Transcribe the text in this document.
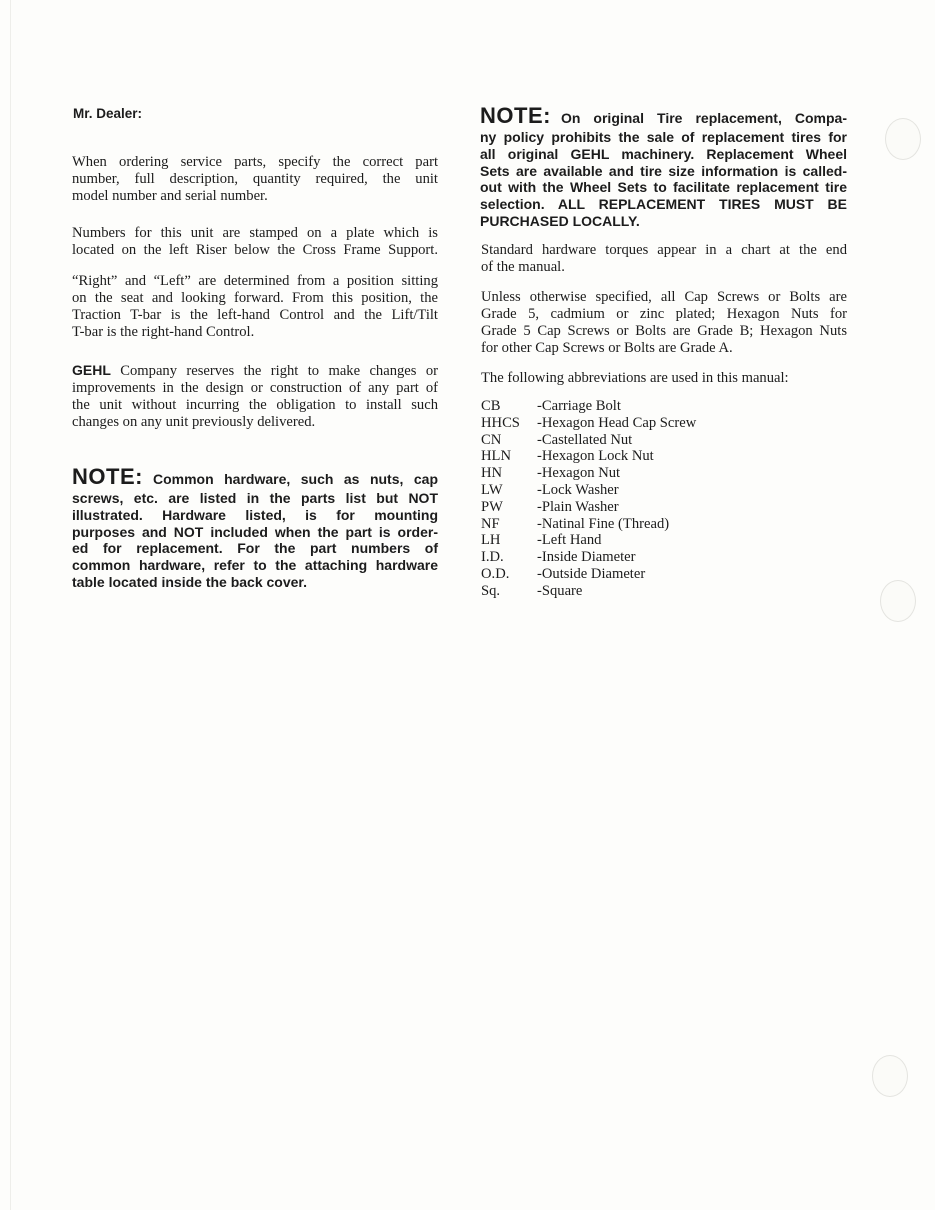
Mr. Dealer:
When ordering service parts, specify the correct part
number, full description, quantity required, the unit
model number and serial number.
Numbers for this unit are stamped on a plate which is
located on the left Riser below the Cross Frame Support.
“Right” and “Left” are determined from a position sitting
on the seat and looking forward. From this position, the
Traction T-bar is the left-hand Control and the Lift/Tilt
T-bar is the right-hand Control.
GEHL Company reserves the right to make changes or
improvements in the design or construction of any part of
the unit without incurring the obligation to install such
changes on any unit previously delivered.
NOTE: Common hardware, such as nuts, cap
screws, etc. are listed in the parts list but NOT
illustrated. Hardware listed, is for mounting
purposes and NOT included when the part is order-
ed for replacement. For the part numbers of
common hardware, refer to the attaching hardware
table located inside the back cover.
NOTE: On original Tire replacement, Compa-
ny policy prohibits the sale of replacement tires for
all original GEHL machinery. Replacement Wheel
Sets are available and tire size information is called-
out with the Wheel Sets to facilitate replacement tire
selection. ALL REPLACEMENT TIRES MUST BE
PURCHASED LOCALLY.
Standard hardware torques appear in a chart at the end
of the manual.
Unless otherwise specified, all Cap Screws or Bolts are
Grade 5, cadmium or zinc plated; Hexagon Nuts for
Grade 5 Cap Screws or Bolts are Grade B; Hexagon Nuts
for other Cap Screws or Bolts are Grade A.
The following abbreviations are used in this manual:
CB	-Carriage Bolt
HHCS	-Hexagon Head Cap Screw
CN	-Castellated Nut
HLN	-Hexagon Lock Nut
HN	-Hexagon Nut
LW	-Lock Washer
PW	-Plain Washer
NF	-Natinal Fine (Thread)
LH	-Left Hand
I.D.	-Inside Diameter
O.D.	-Outside Diameter
Sq.	-Square
